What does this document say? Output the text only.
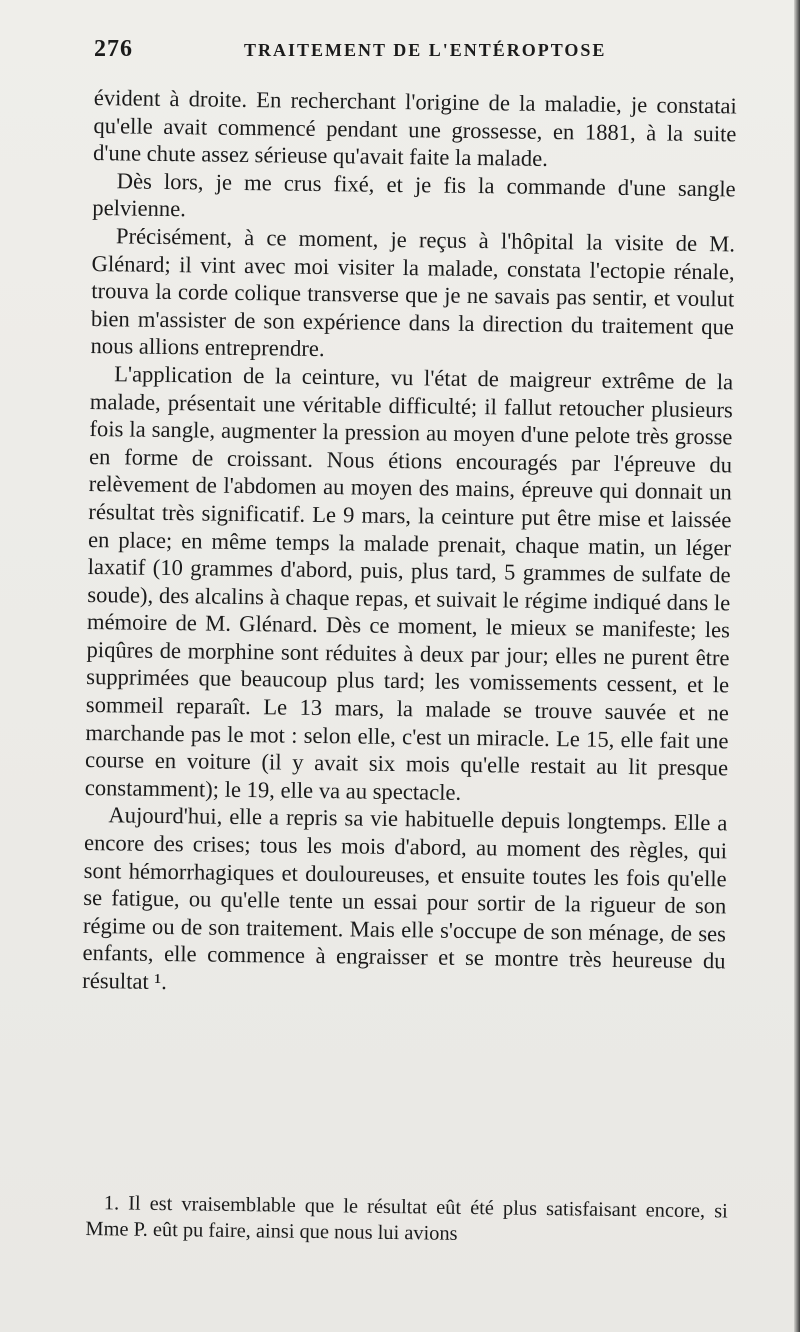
276	TRAITEMENT DE L'ENTÉROPTOSE

évident à droite. En recherchant l'origine de la maladie, je constatai qu'elle avait commencé pendant une grossesse, en 1881, à la suite d'une chute assez sérieuse qu'avait faite la malade.

Dès lors, je me crus fixé, et je fis la commande d'une sangle pelvienne.

Précisément, à ce moment, je reçus à l'hôpital la visite de M. Glénard; il vint avec moi visiter la malade, constata l'ectopie rénale, trouva la corde colique transverse que je ne savais pas sentir, et voulut bien m'assister de son expérience dans la direction du traitement que nous allions entreprendre.

L'application de la ceinture, vu l'état de maigreur extrême de la malade, présentait une véritable difficulté; il fallut retoucher plusieurs fois la sangle, augmenter la pression au moyen d'une pelote très grosse en forme de croissant. Nous étions encouragés par l'épreuve du relèvement de l'abdomen au moyen des mains, épreuve qui donnait un résultat très significatif. Le 9 mars, la ceinture put être mise et laissée en place; en même temps la malade prenait, chaque matin, un léger laxatif (10 grammes d'abord, puis, plus tard, 5 grammes de sulfate de soude), des alcalins à chaque repas, et suivait le régime indiqué dans le mémoire de M. Glénard. Dès ce moment, le mieux se manifeste; les piqûres de morphine sont réduites à deux par jour; elles ne purent être supprimées que beaucoup plus tard; les vomissements cessent, et le sommeil reparaît. Le 13 mars, la malade se trouve sauvée et ne marchande pas le mot : selon elle, c'est un miracle. Le 15, elle fait une course en voiture (il y avait six mois qu'elle restait au lit presque constamment); le 19, elle va au spectacle.

Aujourd'hui, elle a repris sa vie habituelle depuis longtemps. Elle a encore des crises; tous les mois d'abord, au moment des règles, qui sont hémorrhagiques et douloureuses, et ensuite toutes les fois qu'elle se fatigue, ou qu'elle tente un essai pour sortir de la rigueur de son régime ou de son traitement. Mais elle s'occupe de son ménage, de ses enfants, elle commence à engraisser et se montre très heureuse du résultat ¹.

1. Il est vraisemblable que le résultat eût été plus satisfaisant encore, si Mme P. eût pu faire, ainsi que nous lui avions
